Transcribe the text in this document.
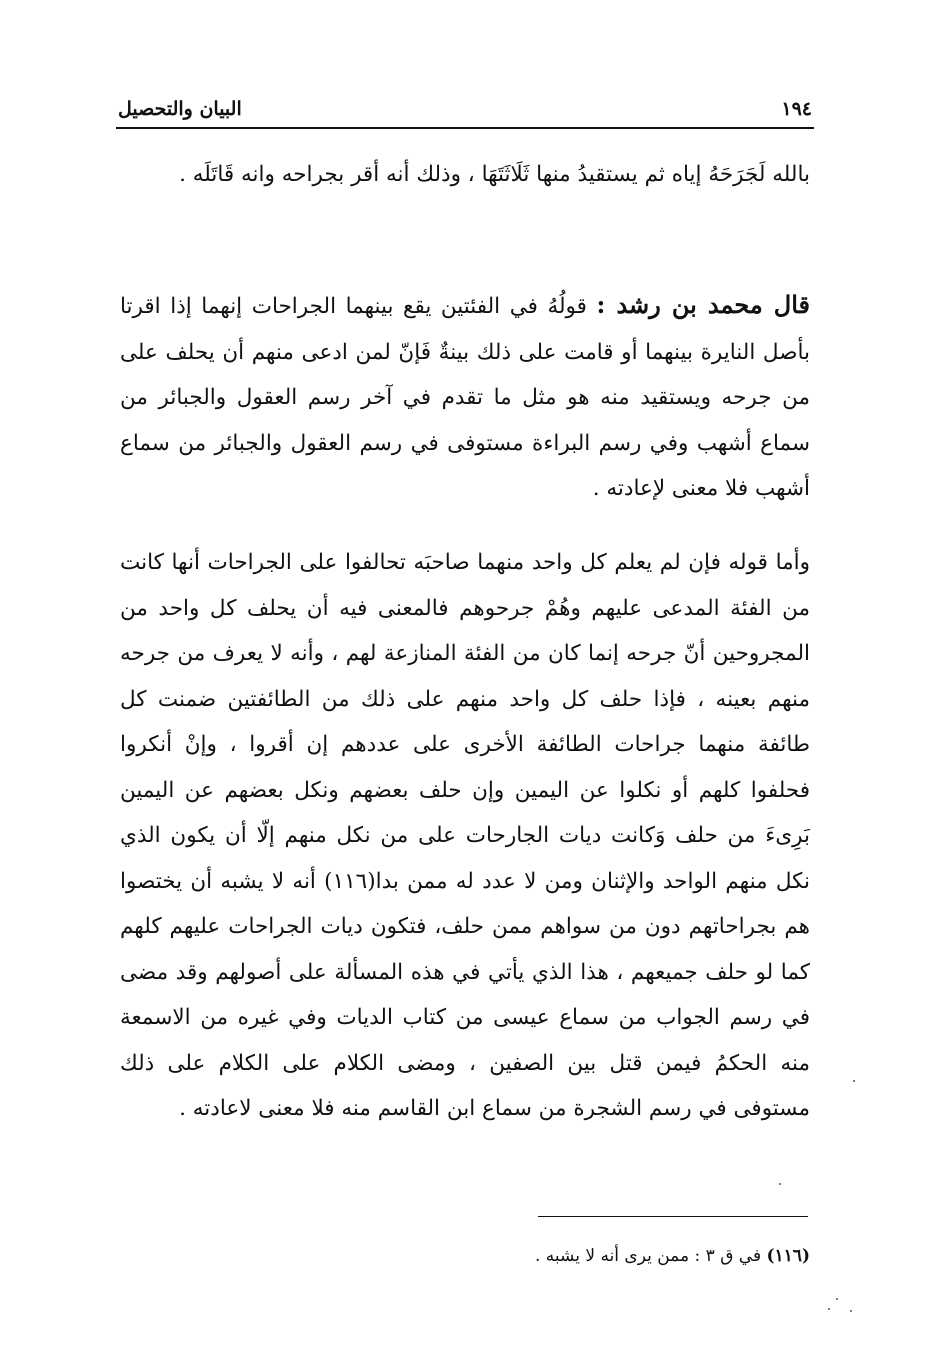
١٩٤
البيان والتحصيل
بالله لَجَرَحَهُ إياه ثم يستقيدُ منها ثَلَاثَتَهَا ، وذلك أنه أقر بجراحه وانه قَاتَلَه .
قال محمد بن رشد : قولُهُ في الفئتين يقع بينهما الجراحات إنهما إذا اقرتا بأصل النايرة بينهما أو قامت على ذلك بينةٌ فَإنّ لمن ادعى منهم أن يحلف على من جرحه ويستقيد منه هو مثل ما تقدم في آخر رسم العقول والجبائر من سماع أشهب وفي رسم البراءة مستوفى في رسم العقول والجبائر من سماع أشهب فلا معنى لإعادته .
وأما قوله فإن لم يعلم كل واحد منهما صاحبَه تحالفوا على الجراحات أنها كانت من الفئة المدعى عليهم وهُمْ جرحوهم فالمعنى فيه أن يحلف كل واحد من المجروحين أنّ جرحه إنما كان من الفئة المنازعة لهم ، وأنه لا يعرف من جرحه منهم بعينه ، فإذا حلف كل واحد منهم على ذلك من الطائفتين ضمنت كل طائفة منهما جراحات الطائفة الأخرى على عددهم إن أقروا ، وإنْ أنكروا فحلفوا كلهم أو نكلوا عن اليمين وإن حلف بعضهم ونكل بعضهم عن اليمين بَرِىءَ من حلف وَكانت ديات الجارحات على من نكل منهم إلّا أن يكون الذي نكل منهم الواحد والإثنان ومن لا عدد له ممن بدا(١١٦) أنه لا يشبه أن يختصوا هم بجراحاتهم دون من سواهم ممن حلف، فتكون ديات الجراحات عليهم كلهم كما لو حلف جميعهم ، هذا الذي يأتي في هذه المسألة على أصولهم وقد مضى في رسم الجواب من سماع عيسى من كتاب الديات وفي غيره من الاسمعة منه الحكمُ فيمن قتل بين الصفين ، ومضى الكلام على الكلام على ذلك مستوفى في رسم الشجرة من سماع ابن القاسم منه فلا معنى لاعادته .
(١١٦) في ق ٣ : ممن يرى أنه لا يشبه .
